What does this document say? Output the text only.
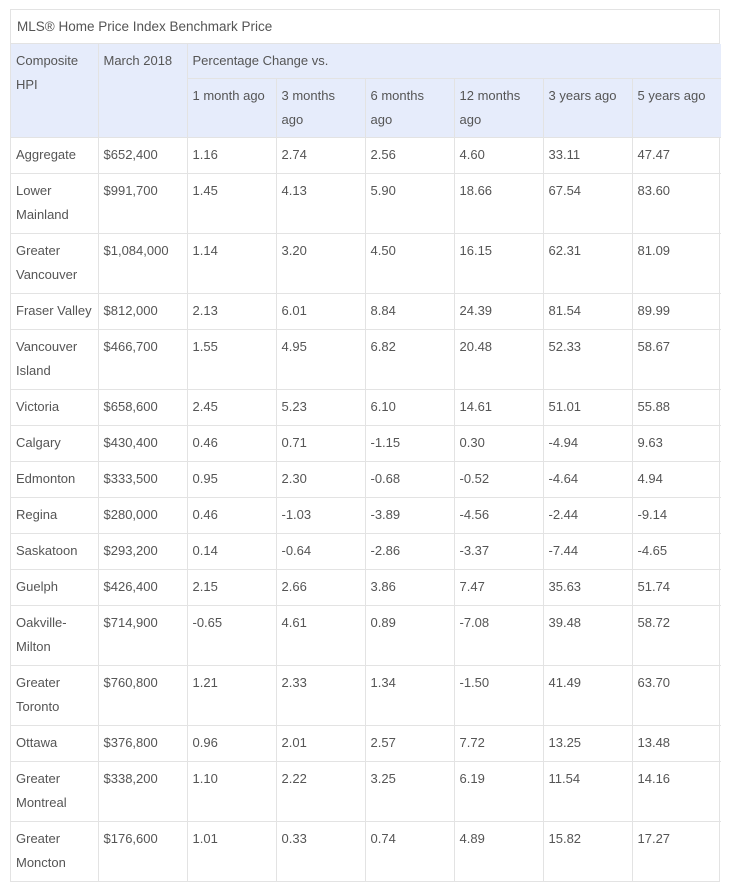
MLS® Home Price Index Benchmark Price
Composite HPI	March 2018	Percentage Change vs.					
		1 month ago	3 months ago	6 months ago	12 months ago	3 years ago	5 years ago
Aggregate	$652,400	1.16	2.74	2.56	4.60	33.11	47.47
Lower Mainland	$991,700	1.45	4.13	5.90	18.66	67.54	83.60
Greater Vancouver	$1,084,000	1.14	3.20	4.50	16.15	62.31	81.09
Fraser Valley	$812,000	2.13	6.01	8.84	24.39	81.54	89.99
Vancouver Island	$466,700	1.55	4.95	6.82	20.48	52.33	58.67
Victoria	$658,600	2.45	5.23	6.10	14.61	51.01	55.88
Calgary	$430,400	0.46	0.71	-1.15	0.30	-4.94	9.63
Edmonton	$333,500	0.95	2.30	-0.68	-0.52	-4.64	4.94
Regina	$280,000	0.46	-1.03	-3.89	-4.56	-2.44	-9.14
Saskatoon	$293,200	0.14	-0.64	-2.86	-3.37	-7.44	-4.65
Guelph	$426,400	2.15	2.66	3.86	7.47	35.63	51.74
Oakville-Milton	$714,900	-0.65	4.61	0.89	-7.08	39.48	58.72
Greater Toronto	$760,800	1.21	2.33	1.34	-1.50	41.49	63.70
Ottawa	$376,800	0.96	2.01	2.57	7.72	13.25	13.48
Greater Montreal	$338,200	1.10	2.22	3.25	6.19	11.54	14.16
Greater Moncton	$176,600	1.01	0.33	0.74	4.89	15.82	17.27
